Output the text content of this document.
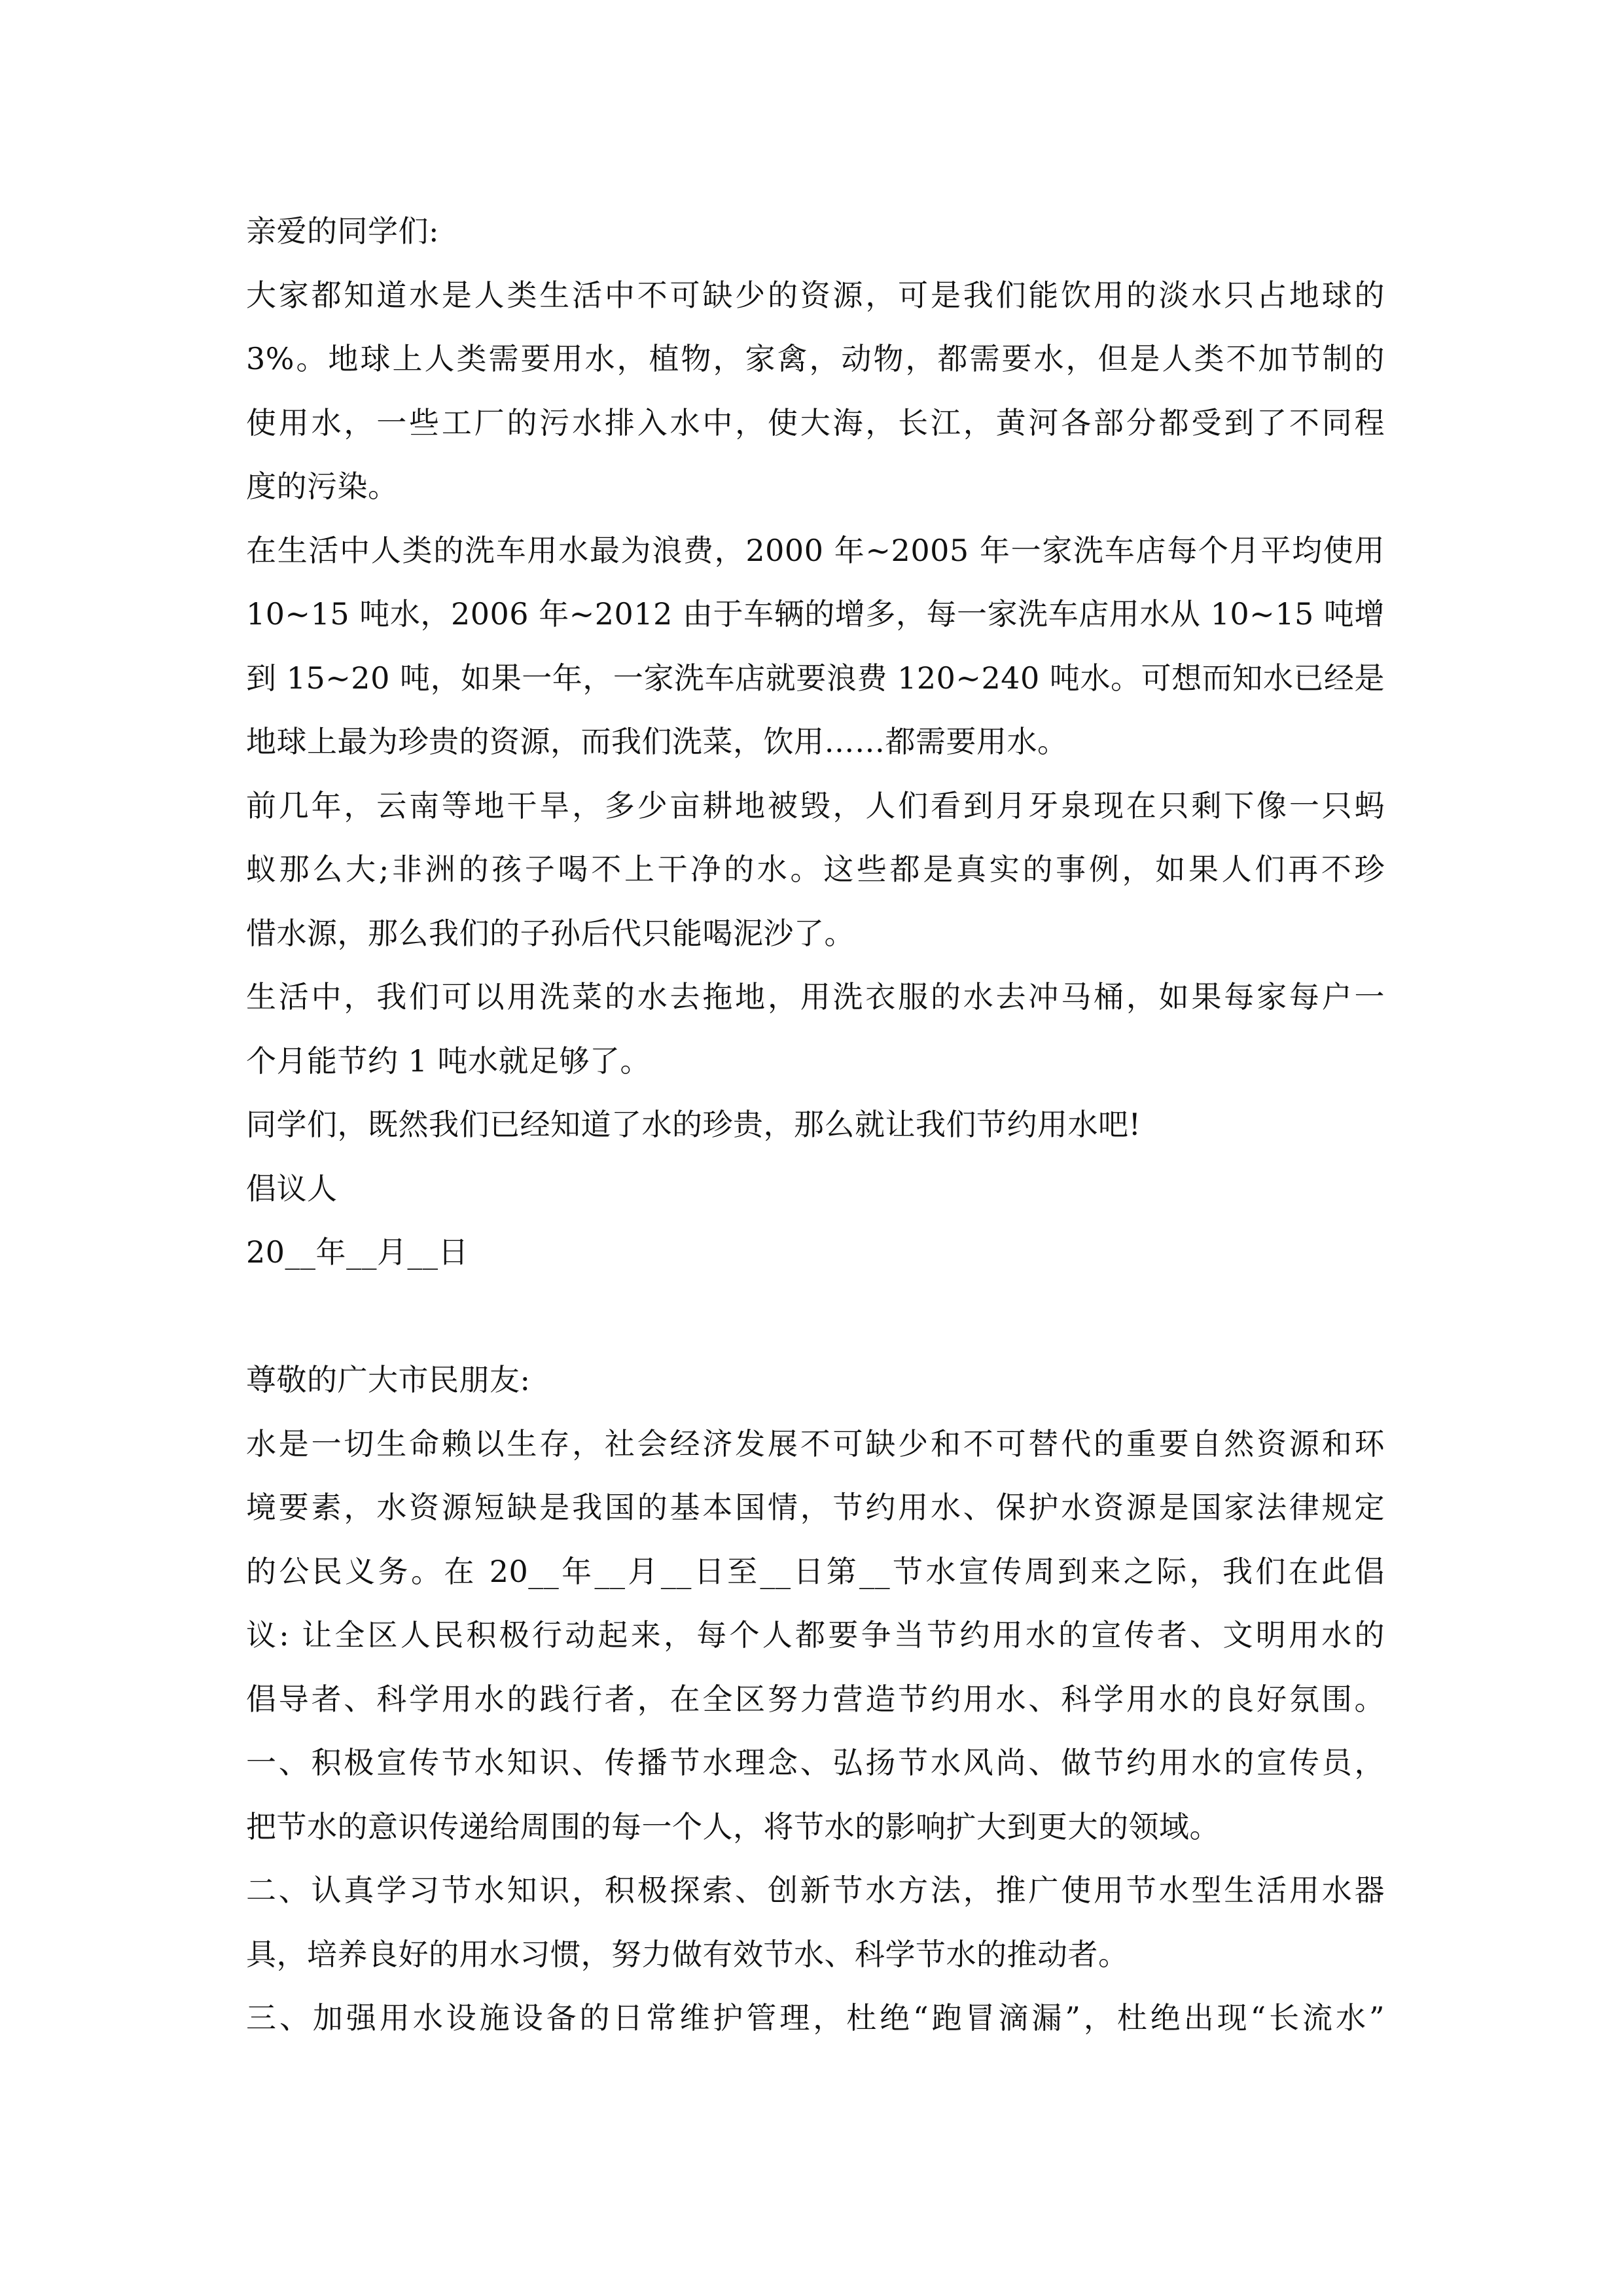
亲爱的同学们:
大家都知道水是人类生活中不可缺少的资源，可是我们能饮用的淡水只占地球的
3%。地球上人类需要用水，植物，家禽，动物，都需要水，但是人类不加节制的
使用水，一些工厂的污水排入水中，使大海，长江，黄河各部分都受到了不同程
度的污染。
在生活中人类的洗车用水最为浪费，2000 年~2005 年一家洗车店每个月平均使用
10~15 吨水，2006 年~2012 由于车辆的增多，每一家洗车店用水从 10~15 吨增
到 15~20 吨，如果一年，一家洗车店就要浪费 120~240 吨水。可想而知水已经是
地球上最为珍贵的资源，而我们洗菜，饮用……都需要用水。
前几年，云南等地干旱，多少亩耕地被毁，人们看到月牙泉现在只剩下像一只蚂
蚁那么大;非洲的孩子喝不上干净的水。这些都是真实的事例，如果人们再不珍
惜水源，那么我们的子孙后代只能喝泥沙了。
生活中，我们可以用洗菜的水去拖地，用洗衣服的水去冲马桶，如果每家每户一
个月能节约 1 吨水就足够了。
同学们，既然我们已经知道了水的珍贵，那么就让我们节约用水吧!
倡议人
20__年__月__日
尊敬的广大市民朋友:
水是一切生命赖以生存，社会经济发展不可缺少和不可替代的重要自然资源和环
境要素，水资源短缺是我国的基本国情，节约用水、保护水资源是国家法律规定
的公民义务。在 20__年__月__日至__日第__节水宣传周到来之际，我们在此倡
议: 让全区人民积极行动起来，每个人都要争当节约用水的宣传者、文明用水的
倡导者、科学用水的践行者，在全区努力营造节约用水、科学用水的良好氛围。
一、积极宣传节水知识、传播节水理念、弘扬节水风尚、做节约用水的宣传员，
把节水的意识传递给周围的每一个人，将节水的影响扩大到更大的领域。
二、认真学习节水知识，积极探索、创新节水方法，推广使用节水型生活用水器
具，培养良好的用水习惯，努力做有效节水、科学节水的推动者。
三、加强用水设施设备的日常维护管理，杜绝“跑冒滴漏”，杜绝出现“长流水”
